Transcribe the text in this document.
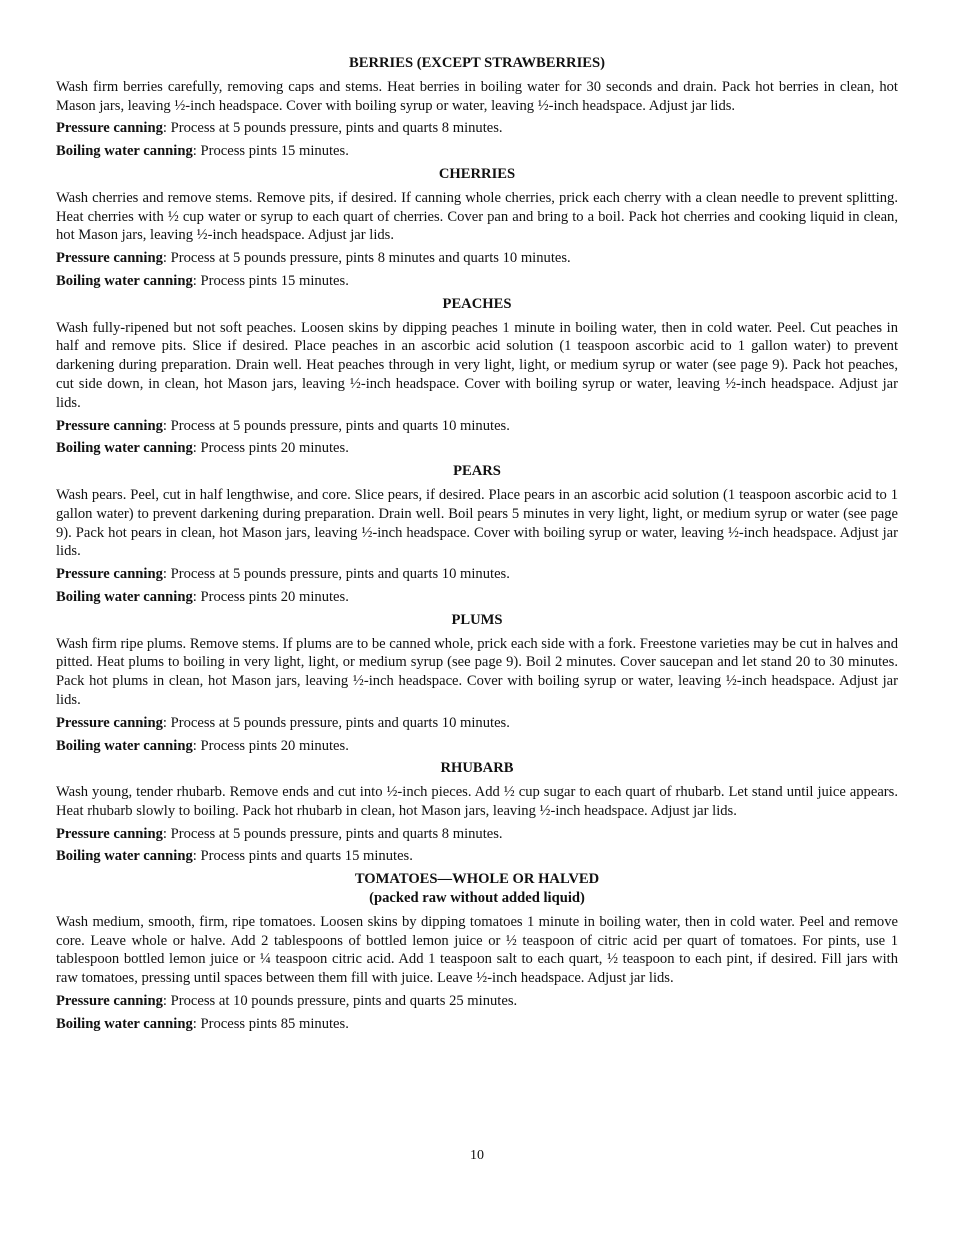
BERRIES (EXCEPT STRAWBERRIES)

Wash firm berries carefully, removing caps and stems. Heat berries in boiling water for 30 seconds and drain. Pack hot berries in clean, hot Mason jars, leaving ½-inch headspace. Cover with boiling syrup or water, leaving ½-inch headspace. Adjust jar lids.

Pressure canning: Process at 5 pounds pressure, pints and quarts 8 minutes.

Boiling water canning: Process pints 15 minutes.

CHERRIES

Wash cherries and remove stems. Remove pits, if desired. If canning whole cherries, prick each cherry with a clean needle to prevent splitting. Heat cherries with ½ cup water or syrup to each quart of cherries. Cover pan and bring to a boil. Pack hot cherries and cooking liquid in clean, hot Mason jars, leaving ½-inch headspace. Adjust jar lids.

Pressure canning: Process at 5 pounds pressure, pints 8 minutes and quarts 10 minutes.

Boiling water canning: Process pints 15 minutes.

PEACHES

Wash fully-ripened but not soft peaches. Loosen skins by dipping peaches 1 minute in boiling water, then in cold water. Peel. Cut peaches in half and remove pits. Slice if desired. Place peaches in an ascorbic acid solution (1 teaspoon ascorbic acid to 1 gallon water) to prevent darkening during preparation. Drain well. Heat peaches through in very light, light, or medium syrup or water (see page 9). Pack hot peaches, cut side down, in clean, hot Mason jars, leaving ½-inch headspace. Cover with boiling syrup or water, leaving ½-inch headspace. Adjust jar lids.

Pressure canning: Process at 5 pounds pressure, pints and quarts 10 minutes.

Boiling water canning: Process pints 20 minutes.

PEARS

Wash pears. Peel, cut in half lengthwise, and core. Slice pears, if desired. Place pears in an ascorbic acid solution (1 teaspoon ascorbic acid to 1 gallon water) to prevent darkening during preparation. Drain well. Boil pears 5 minutes in very light, light, or medium syrup or water (see page 9). Pack hot pears in clean, hot Mason jars, leaving ½-inch headspace. Cover with boiling syrup or water, leaving ½-inch headspace. Adjust jar lids.

Pressure canning: Process at 5 pounds pressure, pints and quarts 10 minutes.

Boiling water canning: Process pints 20 minutes.

PLUMS

Wash firm ripe plums. Remove stems. If plums are to be canned whole, prick each side with a fork. Freestone varieties may be cut in halves and pitted. Heat plums to boiling in very light, light, or medium syrup (see page 9). Boil 2 minutes. Cover saucepan and let stand 20 to 30 minutes. Pack hot plums in clean, hot Mason jars, leaving ½-inch headspace. Cover with boiling syrup or water, leaving ½-inch headspace. Adjust jar lids.

Pressure canning: Process at 5 pounds pressure, pints and quarts 10 minutes.

Boiling water canning: Process pints 20 minutes.

RHUBARB

Wash young, tender rhubarb. Remove ends and cut into ½-inch pieces. Add ½ cup sugar to each quart of rhubarb. Let stand until juice appears. Heat rhubarb slowly to boiling. Pack hot rhubarb in clean, hot Mason jars, leaving ½-inch headspace. Adjust jar lids.

Pressure canning: Process at 5 pounds pressure, pints and quarts 8 minutes.

Boiling water canning: Process pints and quarts 15 minutes.

TOMATOES—WHOLE OR HALVED
(packed raw without added liquid)

Wash medium, smooth, firm, ripe tomatoes. Loosen skins by dipping tomatoes 1 minute in boiling water, then in cold water. Peel and remove core. Leave whole or halve. Add 2 tablespoons of bottled lemon juice or ½ teaspoon of citric acid per quart of tomatoes. For pints, use 1 tablespoon bottled lemon juice or ¼ teaspoon citric acid. Add 1 teaspoon salt to each quart, ½ teaspoon to each pint, if desired. Fill jars with raw tomatoes, pressing until spaces between them fill with juice. Leave ½-inch headspace. Adjust jar lids.

Pressure canning: Process at 10 pounds pressure, pints and quarts 25 minutes.

Boiling water canning: Process pints 85 minutes.

10
